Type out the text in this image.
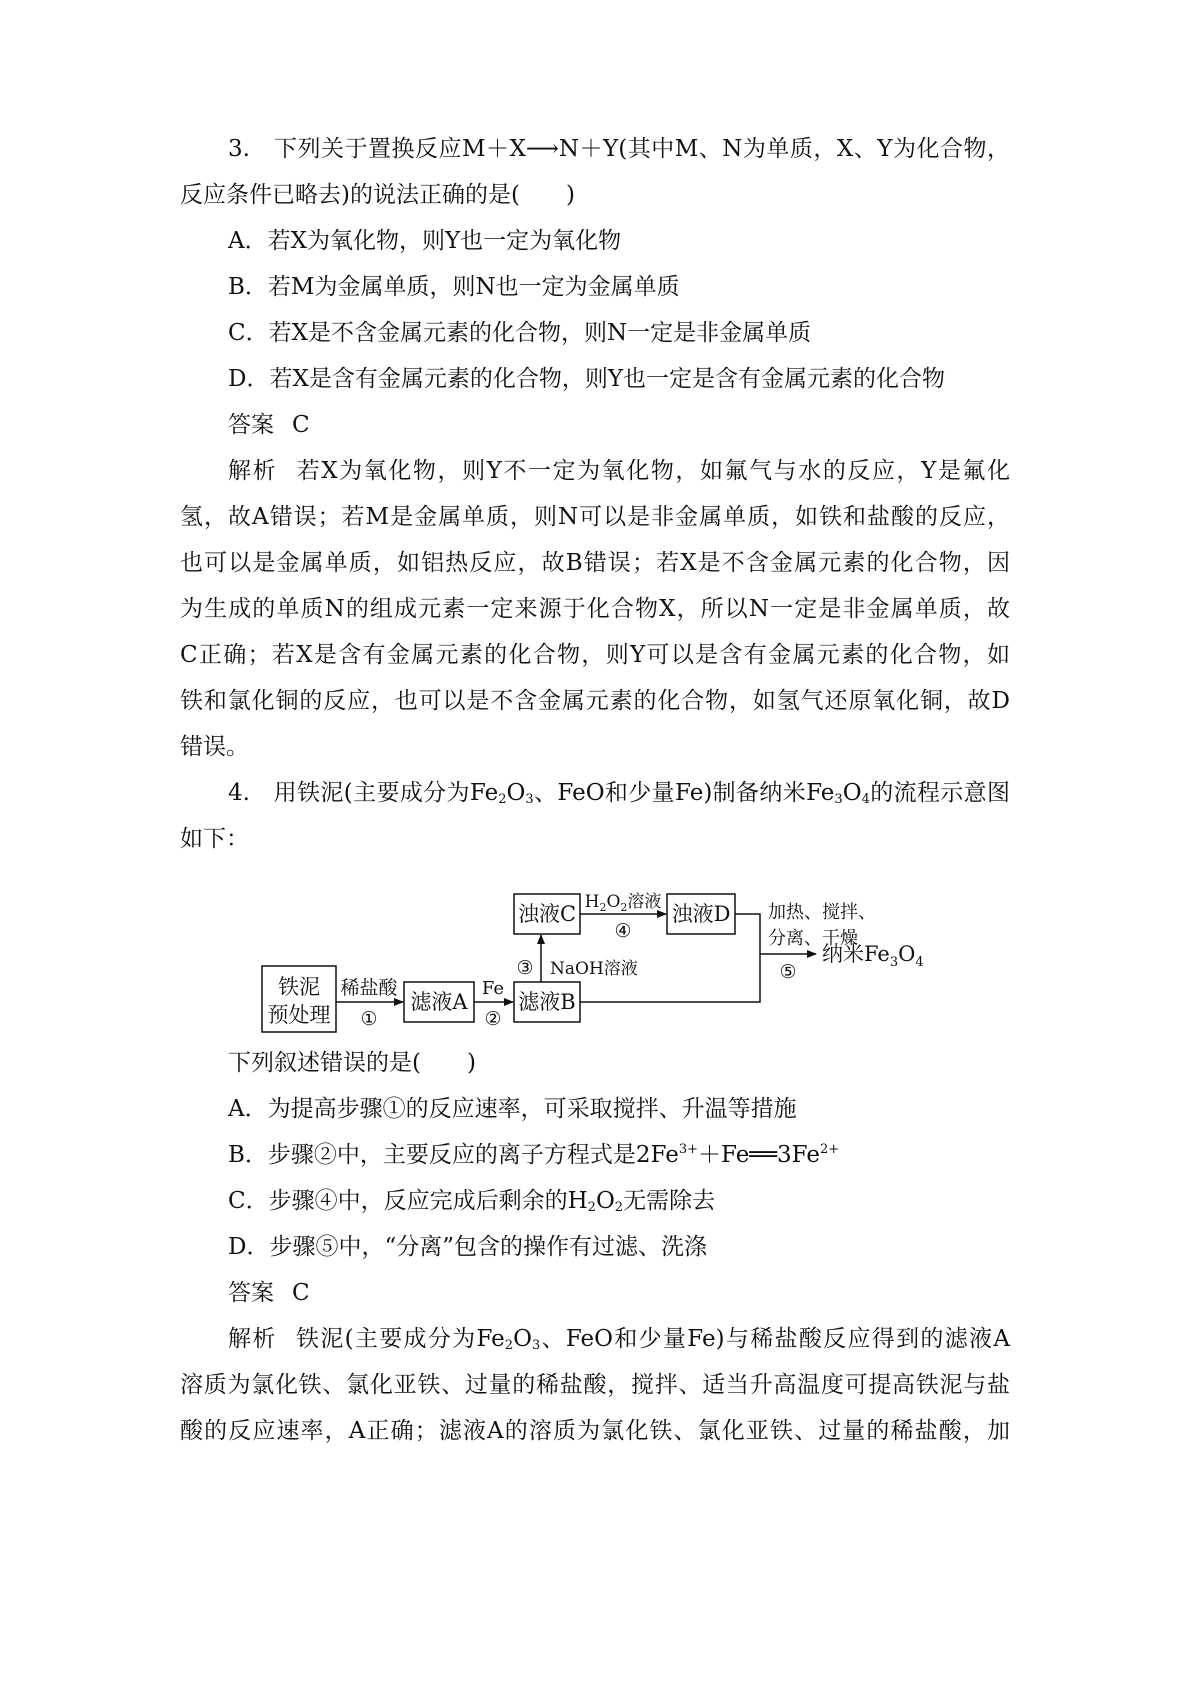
3.　下列关于置换反应M＋X⟶N＋Y(其中M、N为单质，X、Y为化合物，
反应条件已略去)的说法正确的是(　　)
A．若X为氧化物，则Y也一定为氧化物
B．若M为金属单质，则N也一定为金属单质
C．若X是不含金属元素的化合物，则N一定是非金属单质
D．若X是含有金属元素的化合物，则Y也一定是含有金属元素的化合物
答案 C
解析 若X为氧化物，则Y不一定为氧化物，如氟气与水的反应，Y是氟化
氢，故A错误；若M是金属单质，则N可以是非金属单质，如铁和盐酸的反应，
也可以是金属单质，如铝热反应，故B错误；若X是不含金属元素的化合物，因
为生成的单质N的组成元素一定来源于化合物X，所以N一定是非金属单质，故
C正确；若X是含有金属元素的化合物，则Y可以是含有金属元素的化合物，如
铁和氯化铜的反应，也可以是不含金属元素的化合物，如氢气还原氧化铜，故D
错误。
4.　用铁泥(主要成分为$Fe_2O_3$、FeO和少量Fe)制备纳米$Fe_3O_4$的流程示意图
如下：
铁泥
预处理
稀盐酸
①
滤液A
Fe
②
滤液B
③ NaOH溶液
浊液C $H_2O_2$溶液
④
浊液D 加热、搅拌、
分离、干燥
⑤
纳米$Fe_3O_4$
下列叙述错误的是(　　)
A．为提高步骤①的反应速率，可采取搅拌、升温等措施
B．步骤②中，主要反应的离子方程式是$2Fe^{3+}+Fe══3Fe^{2+}$
C．步骤④中，反应完成后剩余的$H_2O_2$无需除去
D．步骤⑤中，“分离”包含的操作有过滤、洗涤
答案 C
解析 铁泥(主要成分为$Fe_2O_3$、FeO和少量Fe)与稀盐酸反应得到的滤液A
溶质为氯化铁、氯化亚铁、过量的稀盐酸，搅拌、适当升高温度可提高铁泥与盐
酸的反应速率，A正确；滤液A的溶质为氯化铁、氯化亚铁、过量的稀盐酸，加
